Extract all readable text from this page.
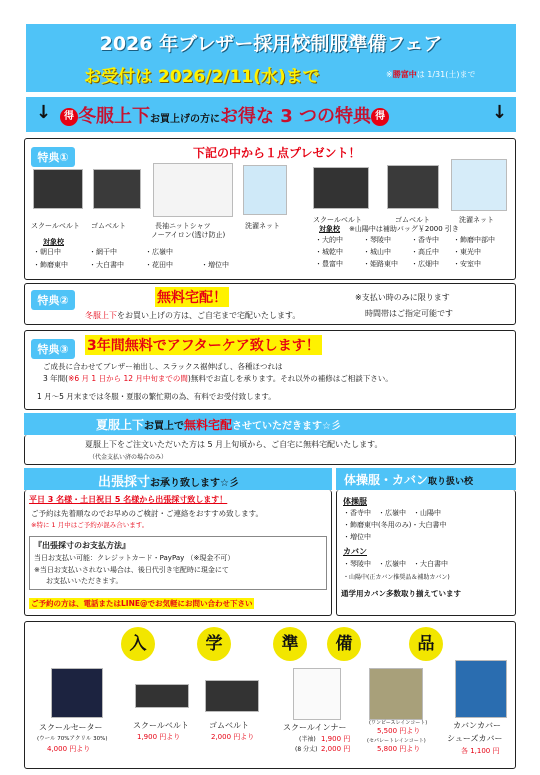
2026 年ブレザー採用校制服準備フェア
お受付は 2026/2/11(水)まで	※勝富中は 1/31(土)まで
↓	得 冬服上下お買上げの方にお得な 3 つの特典 得	↓
特典①	下記の中から１点プレゼント！
スクールベルト ゴムベルト	長袖ニットシャツ
ノーアイロン(透け防止)
洗濯ネット
対象校
・朝日中	・網干中	・広嶺中
・飾磨東中	・大白書中	・花田中	・増位中
スクールベルト	ゴムベルト	洗濯ネット
対象校 ※山陽中は補助バッグ￥2000 引き
・大的中	・琴陵中	・香寺中 ・飾磨中部中
・城乾中	・城山中	・高丘中 ・東光中
・豊富中	・姫路東中 ・広畑中 ・安室中
特典②	無料宅配！
冬服上下をお買い上げの方は、ご自宅まで宅配いたします。
※支払い時のみに限ります
時間帯はご指定可能です
特典③	3年間無料でアフターケア致します！
ご成長に合わせてブレザー袖出し、スラックス裾伸ばし、各種ほつれは
3 年間(※6 月 1 日から 12 月中旬までの間)無料でお直しを承ります。それ以外の補修はご相談下さい。
1 月～5 月末までは冬服・夏服の繁忙期の為、有料でお受付致します。
夏服上下お買上で無料宅配させていただきます☆彡
夏服上下をご注文いただいた方は 5 月上旬頃から、ご自宅に無料宅配いたします。
（代金支払い済の場合のみ）
出張採寸お承り致します☆彡
平日 3 名様・土日祝日 5 名様から出張採寸致します！
ご予約は先着順なのでお早めのご検討・ご連絡をおすすめ致します。
※特に 1 月中はご予約が混み合います。
『出張採寸のお支払方法』
当日お支払い可能：クレジットカード・PayPay （※現金不可）
※当日お支払いされない場合は、後日代引き宅配時に現金にて
お支払いいただきます。
ご予約の方は、電話またはLINE@でお気軽にお問い合わせ下さい
体操服・カバン取り扱い校
体操服
・香寺中　・広嶺中　・山陽中
・飾磨東中(冬用のみ)・大白書中
・増位中
カバン
・琴陵中　・広嶺中　・大白書中
・山陽中(正カバン推奨品＆補助カバン)
通学用カバン多数取り揃えています
入	学	準	備	品
スクールセーター
(ウール 70%アクリル 30%)
4,000 円より
スクールベルト
1,900 円より
ゴムベルト
2,000 円より
スクールインナー
(半袖) 1,900 円
(8 分丈) 2,000 円
(ワンピースレインコート)
5,500 円より
(セパレートレインコート)
5,800 円より
カバンカバー
シューズカバー
各 1,100 円
